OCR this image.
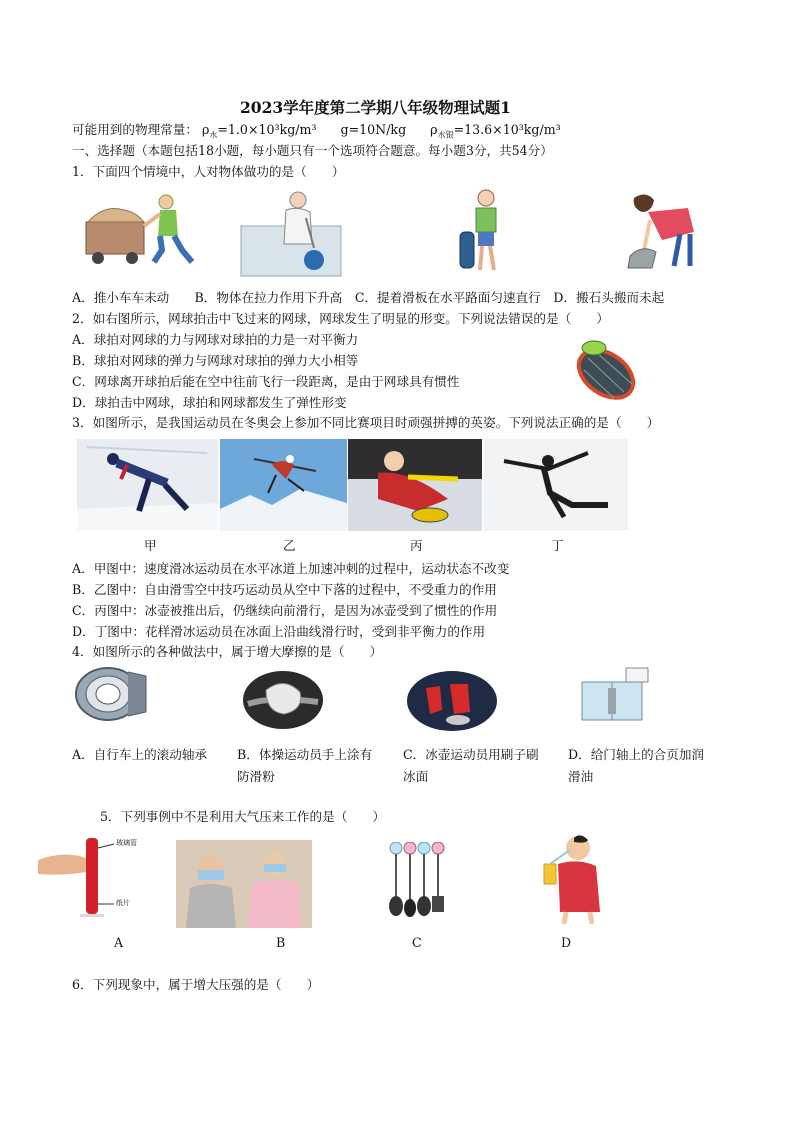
2023学年度第二学期八年级物理试题1
可能用到的物理常量： $\rho_水=1.0\times 10^3kg/m^3$ g=10N/kg $\rho_{水银}=13.6\times 10^3kg/m^3$
一、选择题（本题包括18小题，每小题只有一个选项符合题意。每小题3分，共54分）
1．下面四个情境中，人对物体做功的是（　　）
A．推小车车未动　　B．物体在拉力作用下升高　C．提着滑板在水平路面匀速直行　D．搬石头搬而未起
2．如右图所示，网球拍击中飞过来的网球，网球发生了明显的形变。下列说法错误的是（　　）
A．球拍对网球的力与网球对球拍的力是一对平衡力
B．球拍对网球的弹力与网球对球拍的弹力大小相等
C．网球离开球拍后能在空中往前飞行一段距离，是由于网球具有惯性
D．球拍击中网球，球拍和网球都发生了弹性形变
3．如图所示，是我国运动员在冬奥会上参加不同比赛项目时顽强拼搏的英姿。下列说法正确的是（　　）
甲	乙	丙	丁
A．甲图中：速度滑冰运动员在水平冰道上加速冲刺的过程中，运动状态不改变
B．乙图中：自由滑雪空中技巧运动员从空中下落的过程中，不受重力的作用
C．丙图中：冰壶被推出后，仍继续向前滑行，是因为冰壶受到了惯性的作用
D．丁图中：花样滑冰运动员在冰面上沿曲线滑行时，受到非平衡力的作用
4．如图所示的各种做法中，属于增大摩擦的是（　　）
A．自行车上的滚动轴承 B．体操运动员手上涂有
防滑粉
C．冰壶运动员用刷子刷
冰面
D．给门轴上的合页加润
滑油
5．下列事例中不是利用大气压来工作的是（　　）
玻璃管
纸片
A	B	C	D
6．下列现象中，属于增大压强的是（　　）
